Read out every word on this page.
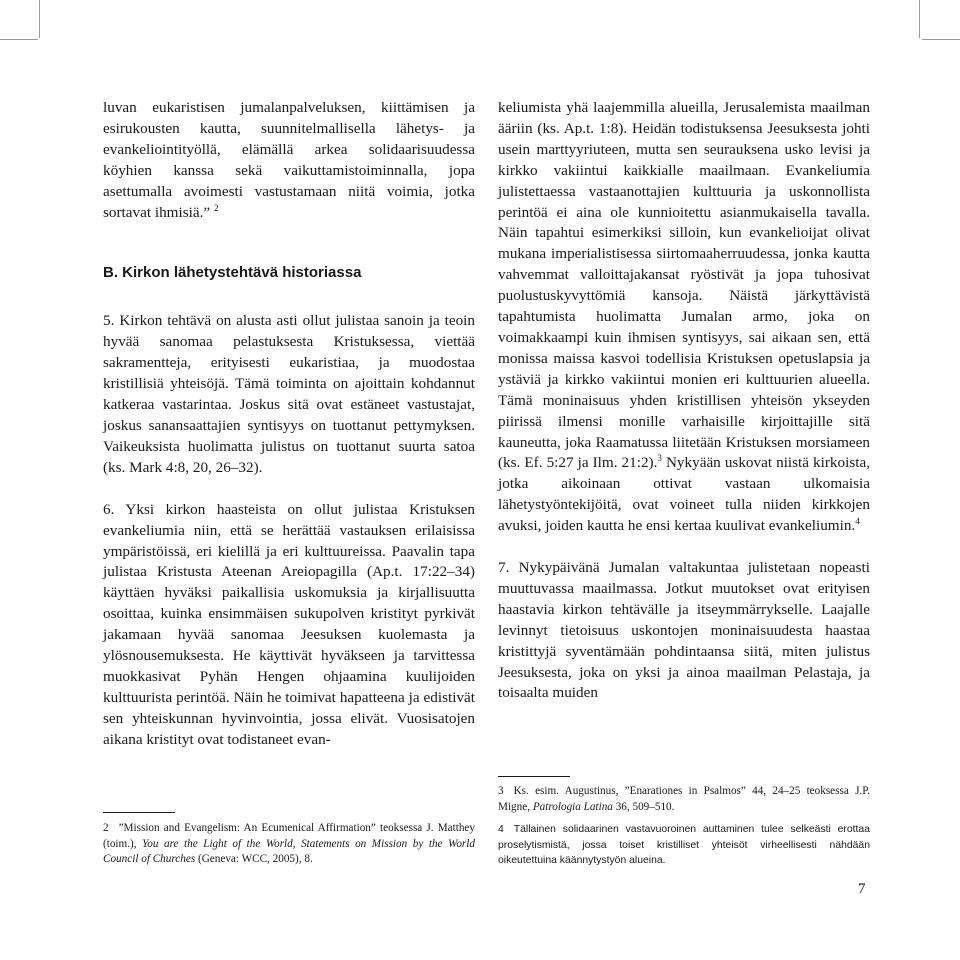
luvan eukaristisen jumalanpalveluksen, kiittämisen ja esirukousten kautta, suunnitelmallisella lähetys- ja evankeliointityöllä, elämällä arkea solidaarisuudessa köyhien kanssa sekä vaikuttamistoiminnalla, jopa asettumalla avoimesti vastustamaan niitä voimia, jotka sortavat ihmisiä.” $^2$

B. Kirkon lähetystehtävä historiassa

5. Kirkon tehtävä on alusta asti ollut julistaa sanoin ja teoin hyvää sanomaa pelastuksesta Kristuksessa, viettää sakramentteja, erityisesti eukaristiaa, ja muodostaa kristillisiä yhteisöjä. Tämä toiminta on ajoittain kohdannut katkeraa vastarintaa. Joskus sitä ovat estäneet vastustajat, joskus sanansaattajien syntisyys on tuottanut pettymyksen. Vaikeuksista huolimatta julistus on tuottanut suurta satoa (ks. Mark 4:8, 20, 26–32).

6. Yksi kirkon haasteista on ollut julistaa Kristuksen evankeliumia niin, että se herättää vastauksen erilaisissa ympäristöissä, eri kielillä ja eri kulttuureissa. Paavalin tapa julistaa Kristusta Ateenan Areiopagilla (Ap.t. 17:22–34) käyttäen hyväksi paikallisia uskomuksia ja kirjallisuutta osoittaa, kuinka ensimmäisen sukupolven kristityt pyrkivät jakamaan hyvää sanomaa Jeesuksen kuolemasta ja ylösnousemuksesta. He käyttivät hyväkseen ja tarvittessa muokkasivat Pyhän Hengen ohjaamina kuulijoiden kulttuurista perintöä. Näin he toimivat hapatteena ja edistivät sen yhteiskunnan hyvinvointia, jossa elivät. Vuosisatojen aikana kristityt ovat todistaneet evan-

2 ”Mission and Evangelism: An Ecumenical Affirmation” teoksessa J. Matthey (toim.), You are the Light of the World, Statements on Mission by the World Council of Churches (Geneva: WCC, 2005), 8.

keliumista yhä laajemmilla alueilla, Jerusalemista maailman ääriin (ks. Ap.t. 1:8). Heidän todistuksensa Jeesuksesta johti usein marttyyriuteen, mutta sen seurauksena usko levisi ja kirkko vakiintui kaikkialle maailmaan. Evankeliumia julistettaessa vastaanottajien kulttuuria ja uskonnollista perintöä ei aina ole kunnioitettu asianmukaisella tavalla. Näin tapahtui esimerkiksi silloin, kun evankelioijat olivat mukana imperialistisessa siirtomaaherruudessa, jonka kautta vahvemmat valloittajakansat ryöstivät ja jopa tuhosivat puolustuskyvyttömiä kansoja. Näistä järkyttävistä tapahtumista huolimatta Jumalan armo, joka on voimakkaampi kuin ihmisen syntisyys, sai aikaan sen, että monissa maissa kasvoi todellisia Kristuksen opetuslapsia ja ystäviä ja kirkko vakiintui monien eri kulttuurien alueella. Tämä moninaisuus yhden kristillisen yhteisön ykseyden piirissä ilmensi monille varhaisille kirjoittajille sitä kauneutta, joka Raamatussa liitetään Kristuksen morsiameen (ks. Ef. 5:27 ja Ilm. 21:2).$^3$ Nykyään uskovat niistä kirkoista, jotka aikoinaan ottivat vastaan ulkomaisia lähetystyöntekijöitä, ovat voineet tulla niiden kirkkojen avuksi, joiden kautta he ensi kertaa kuulivat evankeliumin.$^4$

7. Nykypäivänä Jumalan valtakuntaa julistetaan nopeasti muuttuvassa maailmassa. Jotkut muutokset ovat erityisen haastavia kirkon tehtävälle ja itseymmärrykselle. Laajalle levinnyt tietoisuus uskontojen moninaisuudesta haastaa kristittyjä syventämään pohdintaansa siitä, miten julistus Jeesuksesta, joka on yksi ja ainoa maailman Pelastaja, ja toisaalta muiden

3 Ks. esim. Augustinus, ”Enarationes in Psalmos” 44, 24–25 teoksessa J.P. Migne, Patrologia Latina 36, 509–510.
4 Tällainen solidaarinen vastavuoroinen auttaminen tulee selkeästi erottaa proselytismistä, jossa toiset kristilliset yhteisöt virheellisesti nähdään oikeutettuina käännytystyön alueina.
7
